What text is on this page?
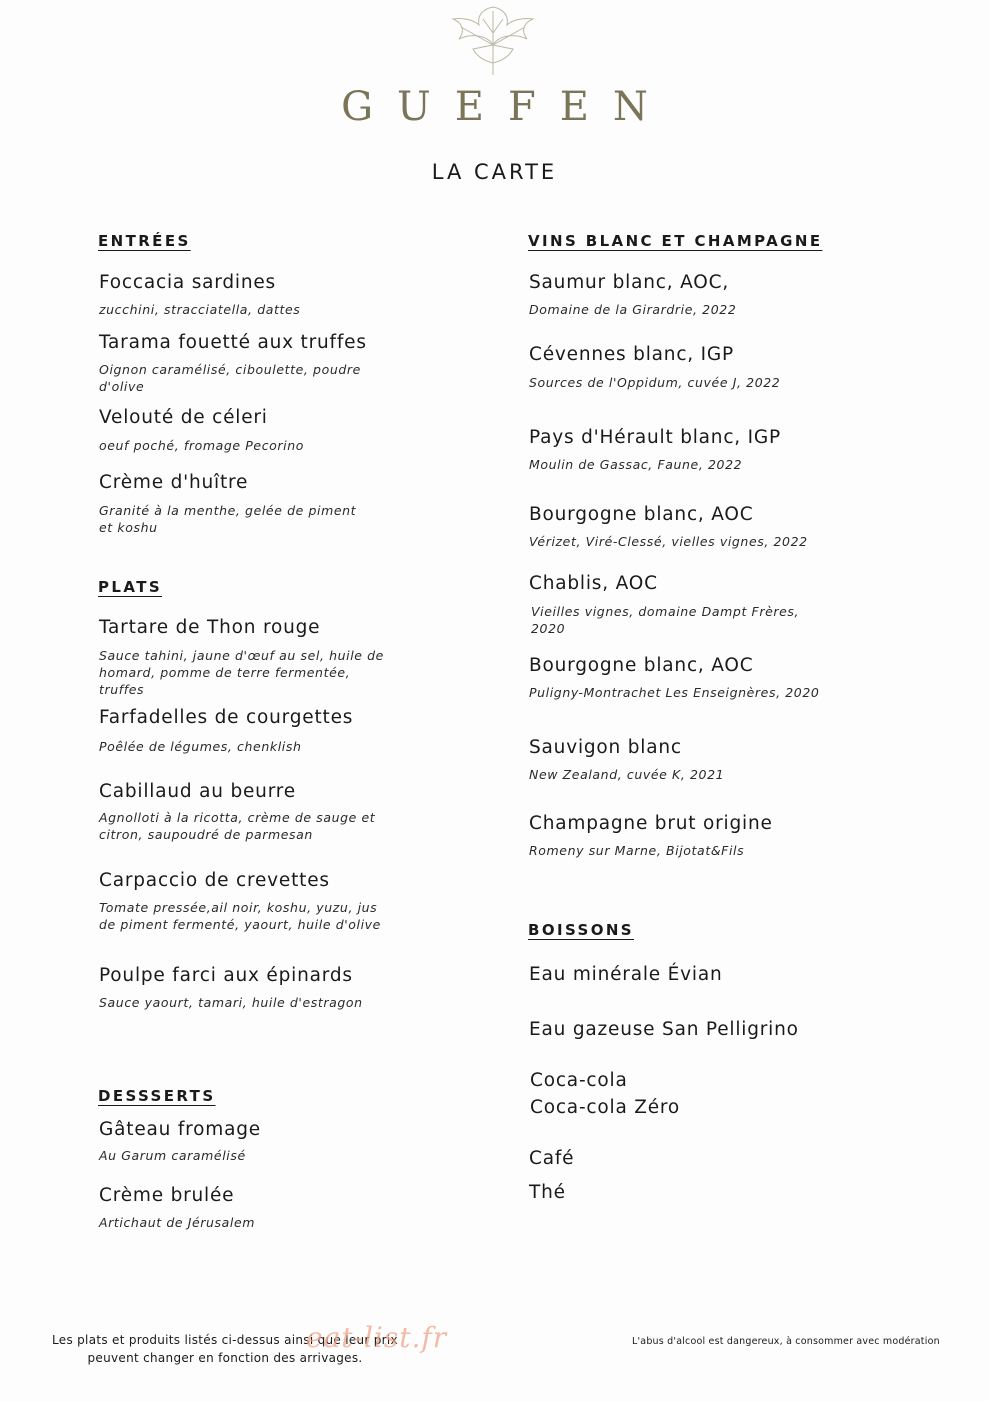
GUEFEN
LA CARTE
ENTRÉES
Foccacia sardines
zucchini, stracciatella, dattes
Tarama fouetté aux truffes
Oignon caramélisé, ciboulette, poudre d'olive
Velouté de céleri
oeuf poché, fromage Pecorino
Crème d'huître
Granité à la menthe, gelée de piment et koshu
PLATS
Tartare de Thon rouge
Sauce tahini, jaune d'œuf au sel, huile de homard, pomme de terre fermentée, truffes
Farfadelles de courgettes
Poêlée de légumes, chenklish
Cabillaud au beurre
Agnolloti à la ricotta, crème de sauge et citron, saupoudré de parmesan
Carpaccio de crevettes
Tomate pressée,ail noir, koshu, yuzu, jus de piment fermenté, yaourt, huile d'olive
Poulpe farci aux épinards
Sauce yaourt, tamari, huile d'estragon
DESSSERTS
Gâteau fromage
Au Garum caramélisé
Crème brulée
Artichaut de Jérusalem
VINS BLANC ET CHAMPAGNE
Saumur blanc, AOC,
Domaine de la Girardrie, 2022
Cévennes blanc, IGP
Sources de l'Oppidum, cuvée J, 2022
Pays d'Hérault blanc, IGP
Moulin de Gassac, Faune, 2022
Bourgogne blanc, AOC
Vérizet, Viré-Clessé, vielles vignes, 2022
Chablis, AOC
Vieilles vignes, domaine Dampt Frères, 2020
Bourgogne blanc, AOC
Puligny-Montrachet Les Enseignères, 2020
Sauvigon blanc
New Zealand, cuvée K, 2021
Champagne brut origine
Romeny sur Marne, Bijotat&Fils
BOISSONS
Eau minérale Évian
Eau gazeuse San Pelligrino
Coca-cola
Coca-cola Zéro
Café
Thé
Les plats et produits listés ci-dessus ainsi que leur prix
peuvent changer en fonction des arrivages.
eat-list.fr	L'abus d'alcool est dangereux, à consommer avec modération
